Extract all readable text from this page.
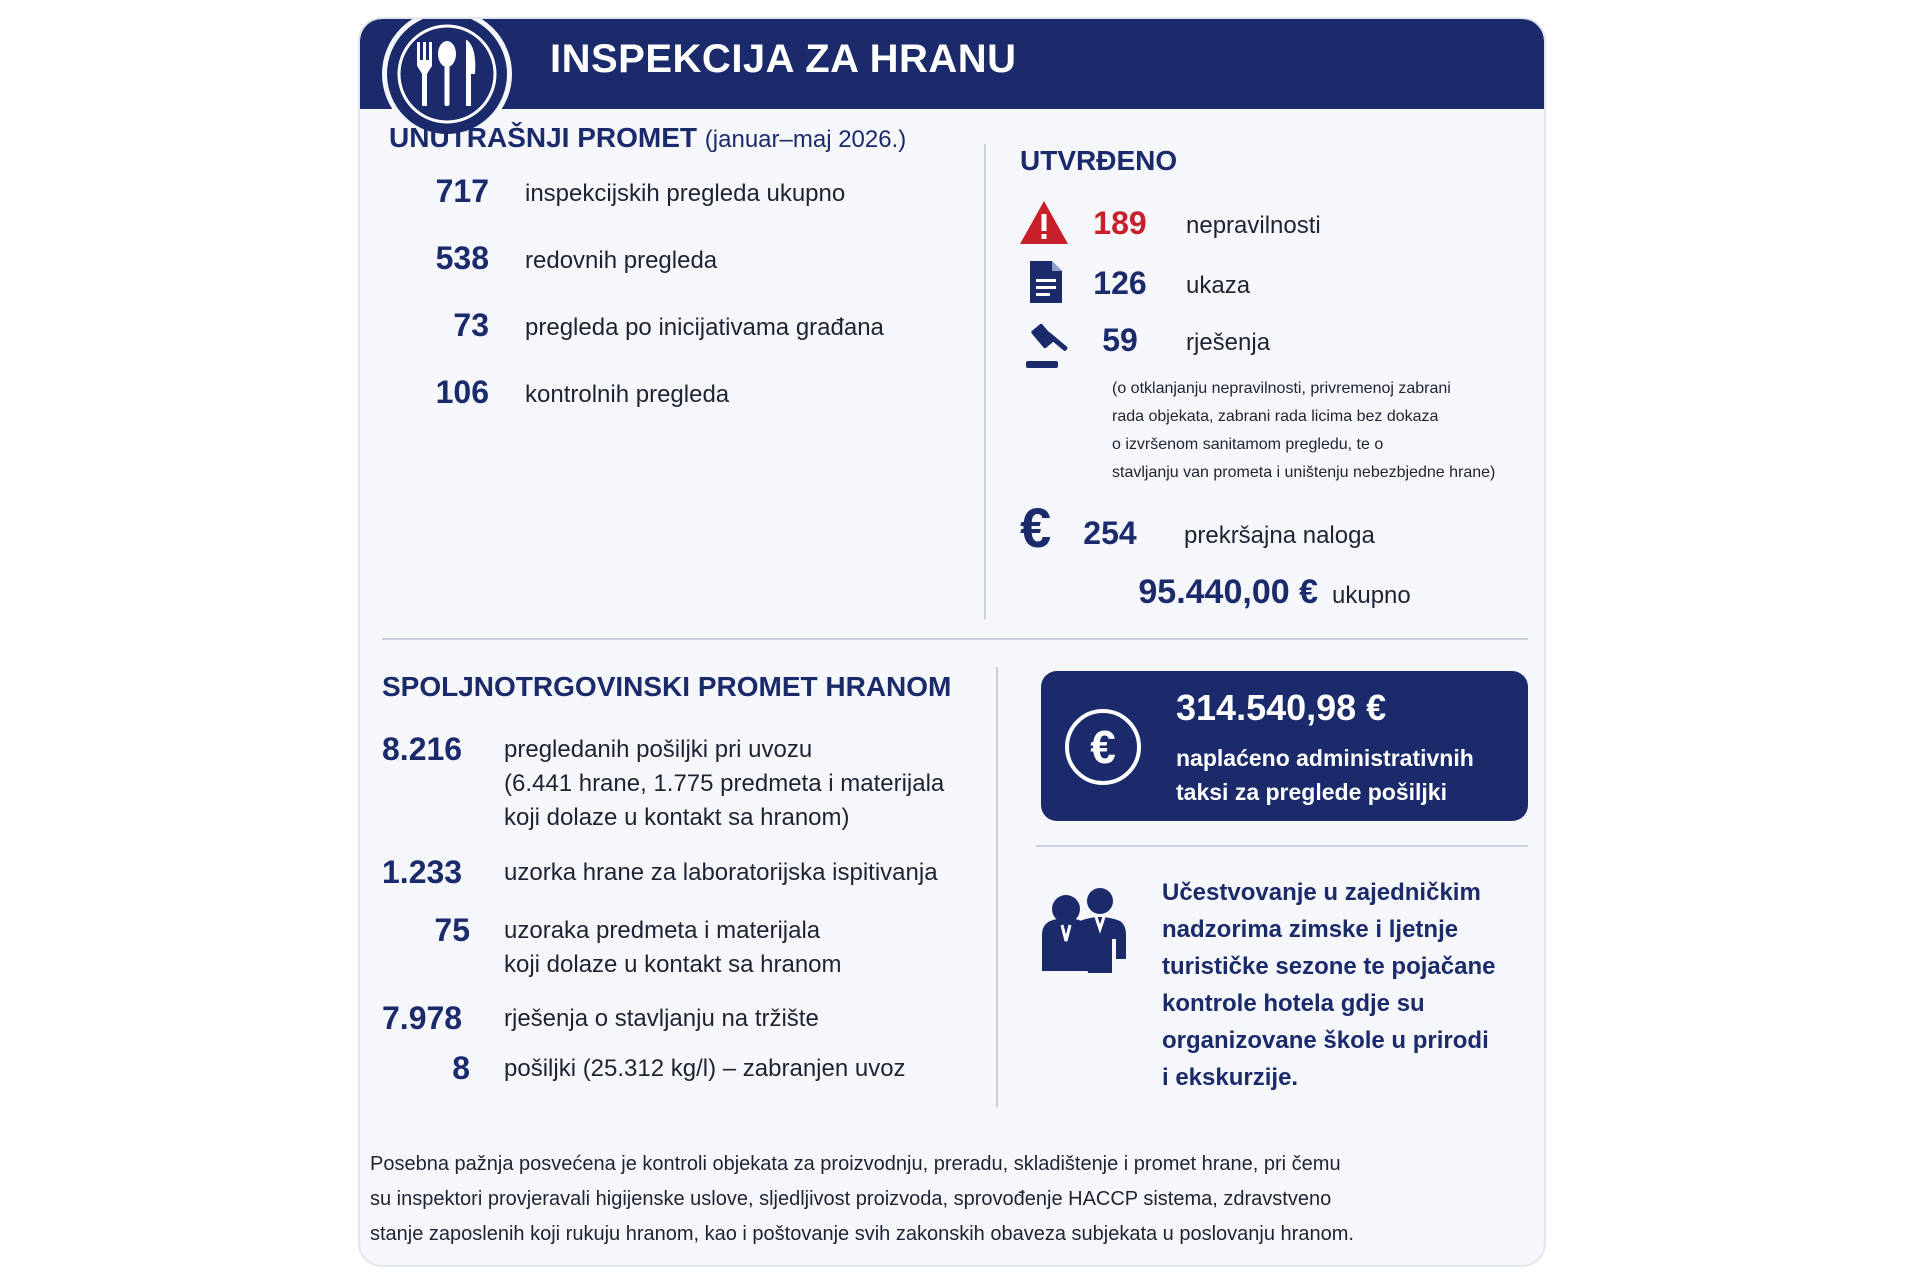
INSPEKCIJA ZA HRANU
UNUTRAŠNJI PROMET (januar–maj 2026.)
717 inspekcijskih pregleda ukupno
538 redovnih pregleda
73 pregleda po inicijativama građana
106 kontrolnih pregleda
UTVRĐENO
189	nepravilnosti
126	ukaza
59	rješenja
(o otklanjanju nepravilnosti, privremenoj zabrani
rada objekata, zabrani rada licima bez dokaza
o izvršenom sanitamom pregledu, te o
stavljanju van prometa i uništenju nebezbjedne hrane)
€	254	prekršajna naloga
95.440,00 € ukupno
SPOLJNOTRGOVINSKI PROMET HRANOM
8.216	pregledanih pošiljki pri uvozu
(6.441 hrane, 1.775 predmeta i materijala
koji dolaze u kontakt sa hranom)
1.233	uzorka hrane za laboratorijska ispitivanja
75 uzoraka predmeta i materijala
koji dolaze u kontakt sa hranom
7.978	rješenja o stavljanju na tržište
8 pošiljki (25.312 kg/l) – zabranjen uvoz
€
314.540,98 €
naplaćeno administrativnih
taksi za preglede pošiljki
Učestvovanje u zajedničkim
nadzorima zimske i ljetnje
turističke sezone te pojačane
kontrole hotela gdje su
organizovane škole u prirodi
i ekskurzije.
Posebna pažnja posvećena je kontroli objekata za proizvodnju, preradu, skladištenje i promet hrane, pri čemu
su inspektori provjeravali higijenske uslove, sljedljivost proizvoda, sprovođenje HACCP sistema, zdravstveno
stanje zaposlenih koji rukuju hranom, kao i poštovanje svih zakonskih obaveza subjekata u poslovanju hranom.
